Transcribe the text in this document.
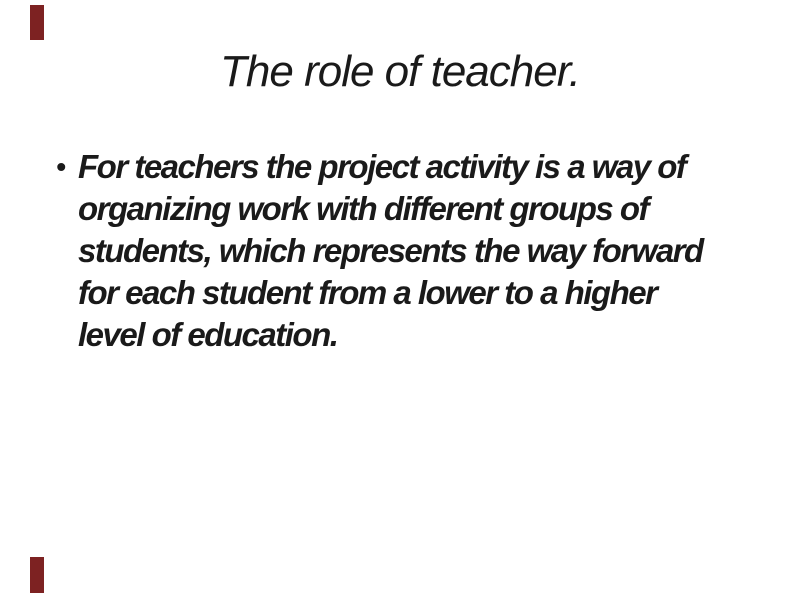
The role of teacher.
• For teachers the project activity is a way of
organizing work with different groups of
students, which represents the way forward
for each student from a lower to a higher
level of education.
